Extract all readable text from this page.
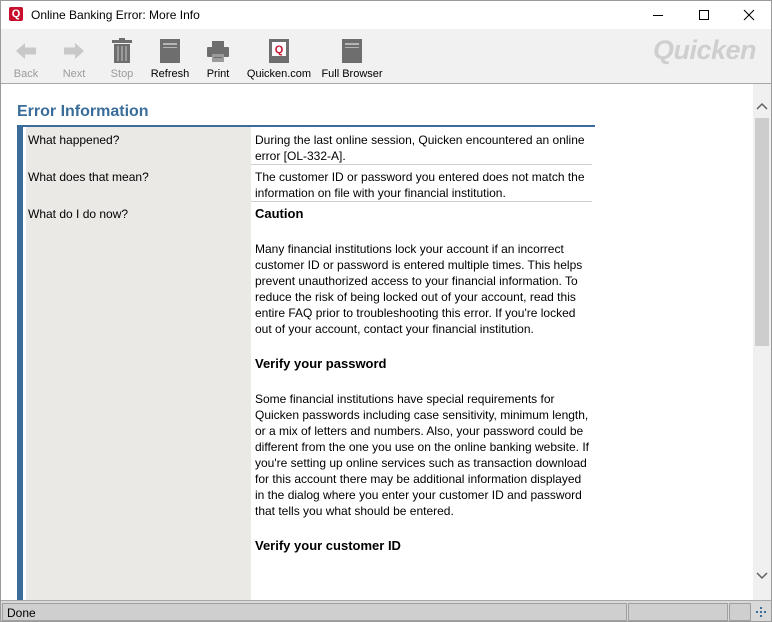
Q Online Banking Error: More Info
Back	Next	Stop	Refresh	Print
Q
Quicken.com Full Browser
Quicken
Error Information
What happened?	During the last online session, Quicken encountered an online error [OL-332-A].
What does that mean?	The customer ID or password you entered does not match the information on file with your financial institution.
What do I do now?	Caution

Many financial institutions lock your account if an incorrect customer ID or password is entered multiple times. This helps prevent unauthorized access to your financial information. To reduce the risk of being locked out of your account, read this entire FAQ prior to troubleshooting this error. If you're locked out of your account, contact your financial institution.

Verify your password

Some financial institutions have special requirements for Quicken passwords including case sensitivity, minimum length, or a mix of letters and numbers. Also, your password could be different from the one you use on the online banking website. If you're setting up online services such as transaction download for this account there may be additional information displayed in the dialog where you enter your customer ID and password that tells you what should be entered.

Verify your customer ID
Done
